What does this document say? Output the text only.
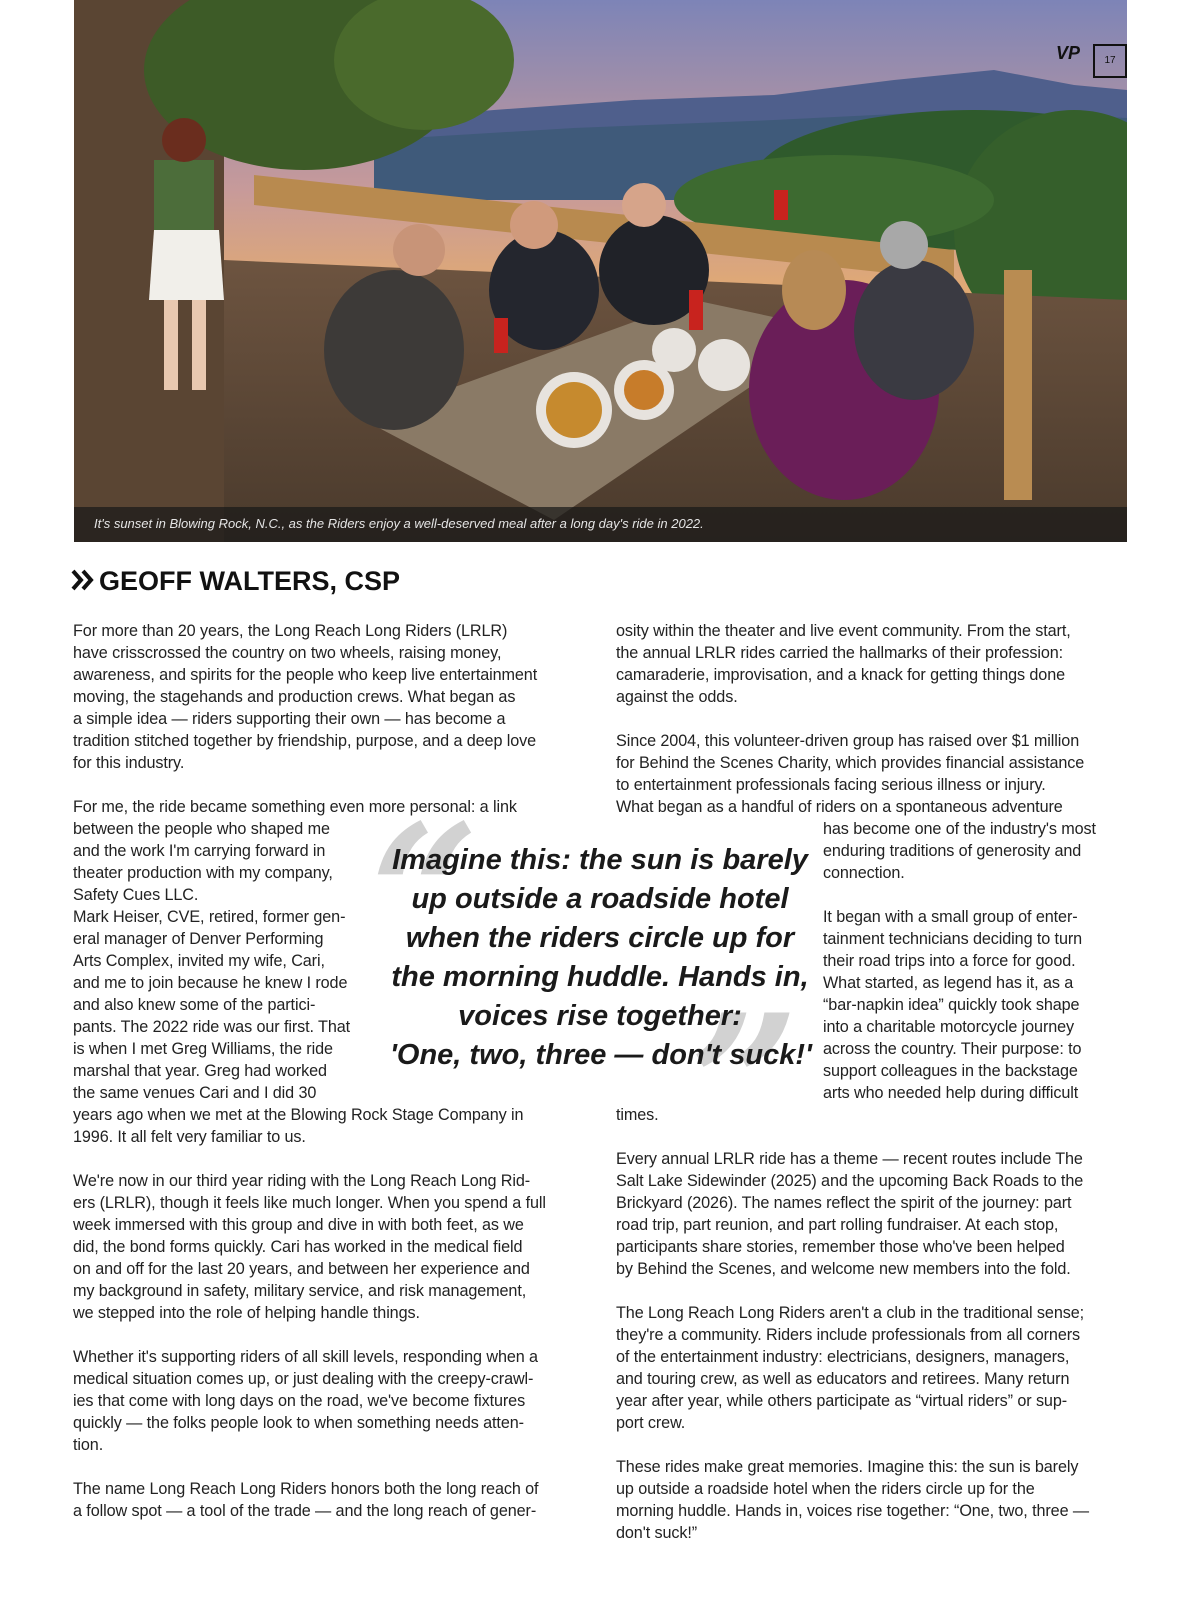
It's sunset in Blowing Rock, N.C., as the Riders enjoy a well-deserved meal after a long day's ride in 2022.
VP	17
GEOFF WALTERS, CSP
For more than 20 years, the Long Reach Long Riders (LRLR)
have crisscrossed the country on two wheels, raising money,
awareness, and spirits for the people who keep live entertainment
moving, the stagehands and production crews. What began as
a simple idea — riders supporting their own — has become a
tradition stitched together by friendship, purpose, and a deep love
for this industry.
For me, the ride became something even more personal: a link
between the people who shaped me
and the work I'm carrying forward in
theater production with my company,
Safety Cues LLC.
Mark Heiser, CVE, retired, former gen-
eral manager of Denver Performing
Arts Complex, invited my wife, Cari,
and me to join because he knew I rode
and also knew some of the partici-
pants. The 2022 ride was our first. That
is when I met Greg Williams, the ride
marshal that year. Greg had worked
the same venues Cari and I did 30
years ago when we met at the Blowing Rock Stage Company in
1996. It all felt very familiar to us.
We're now in our third year riding with the Long Reach Long Rid-
ers (LRLR), though it feels like much longer. When you spend a full
week immersed with this group and dive in with both feet, as we
did, the bond forms quickly. Cari has worked in the medical field
on and off for the last 20 years, and between her experience and
my background in safety, military service, and risk management,
we stepped into the role of helping handle things.
Whether it's supporting riders of all skill levels, responding when a
medical situation comes up, or just dealing with the creepy-crawl-
ies that come with long days on the road, we've become fixtures
quickly — the folks people look to when something needs atten-
tion.
The name Long Reach Long Riders honors both the long reach of
a follow spot — a tool of the trade — and the long reach of gener-
osity within the theater and live event community. From the start,
the annual LRLR rides carried the hallmarks of their profession:
camaraderie, improvisation, and a knack for getting things done
against the odds.
Since 2004, this volunteer-driven group has raised over $1 million
for Behind the Scenes Charity, which provides financial assistance
to entertainment professionals facing serious illness or injury.
What began as a handful of riders on a spontaneous adventure
has become one of the industry's most
enduring traditions of generosity and
connection.
It began with a small group of enter-
tainment technicians deciding to turn
their road trips into a force for good.
What started, as legend has it, as a
“bar-napkin idea” quickly took shape
into a charitable motorcycle journey
across the country. Their purpose: to
support colleagues in the backstage
arts who needed help during difficult
times.
Every annual LRLR ride has a theme — recent routes include The
Salt Lake Sidewinder (2025) and the upcoming Back Roads to the
Brickyard (2026). The names reflect the spirit of the journey: part
road trip, part reunion, and part rolling fundraiser. At each stop,
participants share stories, remember those who've been helped
by Behind the Scenes, and welcome new members into the fold.
The Long Reach Long Riders aren't a club in the traditional sense;
they're a community. Riders include professionals from all corners
of the entertainment industry: electricians, designers, managers,
and touring crew, as well as educators and retirees. Many return
year after year, while others participate as “virtual riders” or sup-
port crew.
These rides make great memories. Imagine this: the sun is barely
up outside a roadside hotel when the riders circle up for the
morning huddle. Hands in, voices rise together: “One, two, three —
don't suck!”
“
”
Imagine this: the sun is barely
up outside a roadside hotel
when the riders circle up for
the morning huddle. Hands in,
voices rise together:
'One, two, three — don't suck!'
